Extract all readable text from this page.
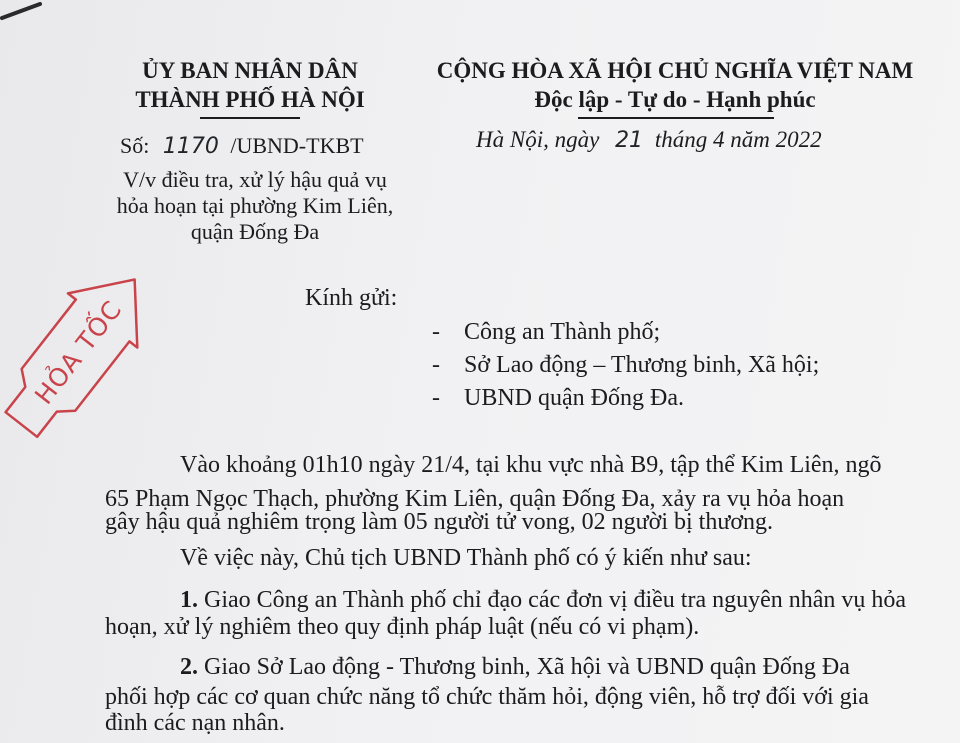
ỦY BAN NHÂN DÂN
THÀNH PHỐ HÀ NỘI
Số: 1170 /UBND-TKBT
V/v điều tra, xử lý hậu quả vụ
hỏa hoạn tại phường Kim Liên,
quận Đống Đa
CỘNG HÒA XÃ HỘI CHỦ NGHĨA VIỆT NAM
Độc lập - Tự do - Hạnh phúc
Hà Nội, ngày 21 tháng 4 năm 2022
HỎA TỐC	Kính gửi:
- Công an Thành phố;
- Sở Lao động – Thương binh, Xã hội;
- UBND quận Đống Đa.
Vào khoảng 01h10 ngày 21/4, tại khu vực nhà B9, tập thể Kim Liên, ngõ
65 Phạm Ngọc Thạch, phường Kim Liên, quận Đống Đa, xảy ra vụ hỏa hoạn
gây hậu quả nghiêm trọng làm 05 người tử vong, 02 người bị thương.
Về việc này, Chủ tịch UBND Thành phố có ý kiến như sau:
1. Giao Công an Thành phố chỉ đạo các đơn vị điều tra nguyên nhân vụ hỏa
hoạn, xử lý nghiêm theo quy định pháp luật (nếu có vi phạm).
2. Giao Sở Lao động - Thương binh, Xã hội và UBND quận Đống Đa
phối hợp các cơ quan chức năng tổ chức thăm hỏi, động viên, hỗ trợ đối với gia
đình các nạn nhân.
